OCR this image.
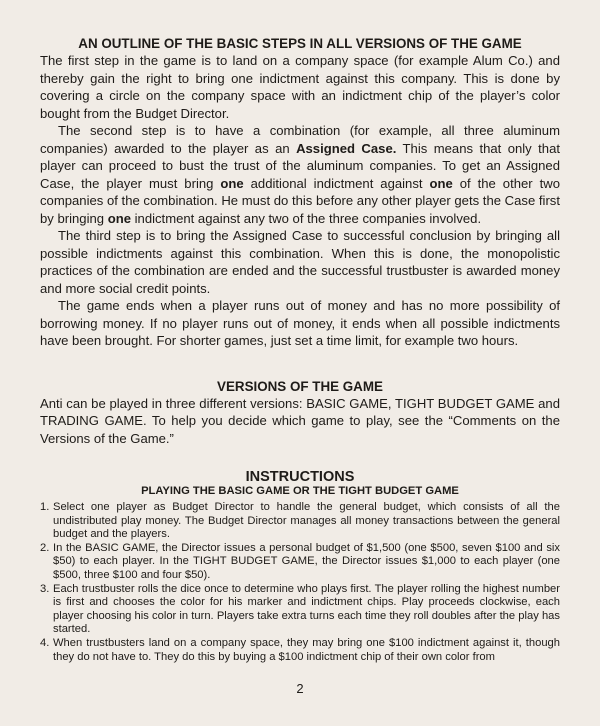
AN OUTLINE OF THE BASIC STEPS IN ALL VERSIONS OF THE GAME

The first step in the game is to land on a company space (for example Alum Co.) and thereby gain the right to bring one indictment against this company. This is done by covering a circle on the company space with an indictment chip of the player’s color bought from the Budget Director.

The second step is to have a combination (for example, all three aluminum companies) awarded to the player as an Assigned Case. This means that only that player can proceed to bust the trust of the aluminum companies. To get an Assigned Case, the player must bring one additional indictment against one of the other two companies of the combination. He must do this before any other player gets the Case first by bringing one indictment against any two of the three companies involved.

The third step is to bring the Assigned Case to successful conclusion by bringing all possible indictments against this combination. When this is done, the monopolistic practices of the combination are ended and the successful trustbuster is awarded money and more social credit points.

The game ends when a player runs out of money and has no more possibility of borrowing money. If no player runs out of money, it ends when all possible indictments have been brought. For shorter games, just set a time limit, for example two hours.

VERSIONS OF THE GAME

Anti can be played in three different versions: BASIC GAME, TIGHT BUDGET GAME and TRADING GAME. To help you decide which game to play, see the “Comments on the Versions of the Game.”

INSTRUCTIONS
PLAYING THE BASIC GAME OR THE TIGHT BUDGET GAME
1. Select one player as Budget Director to handle the general budget, which consists of all the undistributed play money. The Budget Director manages all money transactions between the general budget and the players.
2. In the BASIC GAME, the Director issues a personal budget of $1,500 (one $500, seven $100 and six $50) to each player. In the TIGHT BUDGET GAME, the Director issues $1,000 to each player (one $500, three $100 and four $50).
3. Each trustbuster rolls the dice once to determine who plays first. The player rolling the highest number is first and chooses the color for his marker and indictment chips. Play proceeds clockwise, each player choosing his color in turn. Players take extra turns each time they roll doubles after the play has started.
4. When trustbusters land on a company space, they may bring one $100 indictment against it, though they do not have to. They do this by buying a $100 indictment chip of their own color from
2
